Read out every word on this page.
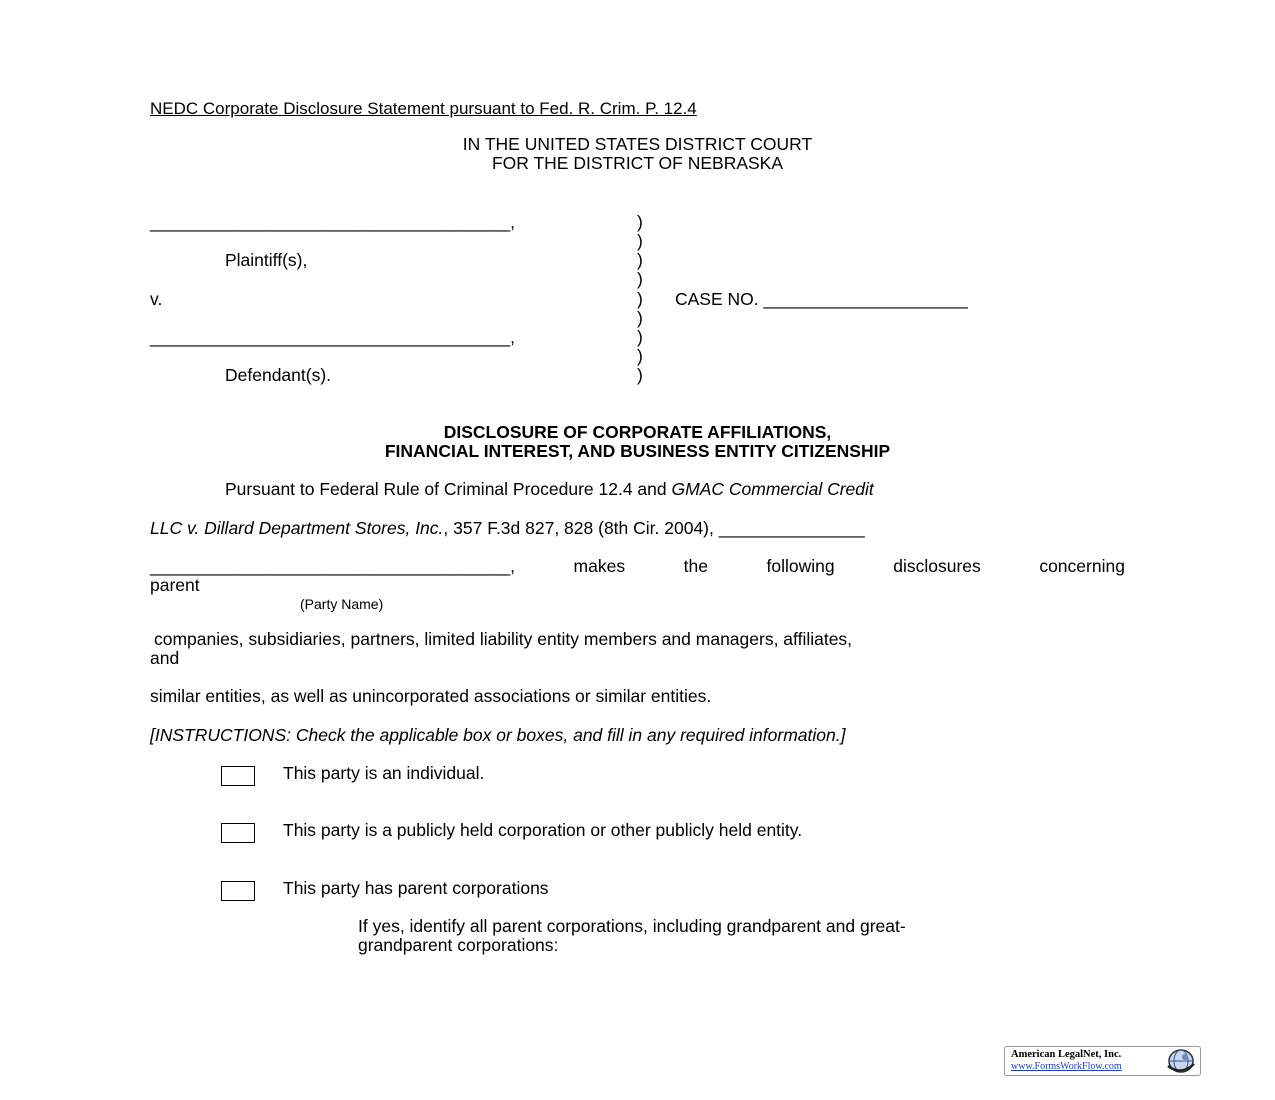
NEDC Corporate Disclosure Statement pursuant to Fed. R. Crim. P. 12.4
IN THE UNITED STATES DISTRICT COURT
FOR THE DISTRICT OF NEBRASKA
_____________________________________,
Plaintiff(s),
v.
_____________________________________,
Defendant(s).
)
)
)
)
)
)
)
)
)
CASE NO. _____________________
DISCLOSURE OF CORPORATE AFFILIATIONS,
FINANCIAL INTEREST, AND BUSINESS ENTITY CITIZENSHIP
Pursuant to Federal Rule of Criminal Procedure 12.4 and GMAC Commercial Credit
LLC v. Dillard Department Stores, Inc., 357 F.3d 827, 828 (8th Cir. 2004), _______________
_____________________________________,	makes	the	following	disclosures	concerning
parent
(Party Name)
companies, subsidiaries, partners, limited liability entity members and managers, affiliates,
and
similar entities, as well as unincorporated associations or similar entities.
[INSTRUCTIONS: Check the applicable box or boxes, and fill in any required information.]
This party is an individual.
This party is a publicly held corporation or other publicly held entity.
This party has parent corporations
If yes, identify all parent corporations, including grandparent and great-
grandparent corporations:
American LegalNet, Inc.
www.FormsWorkFlow.com
